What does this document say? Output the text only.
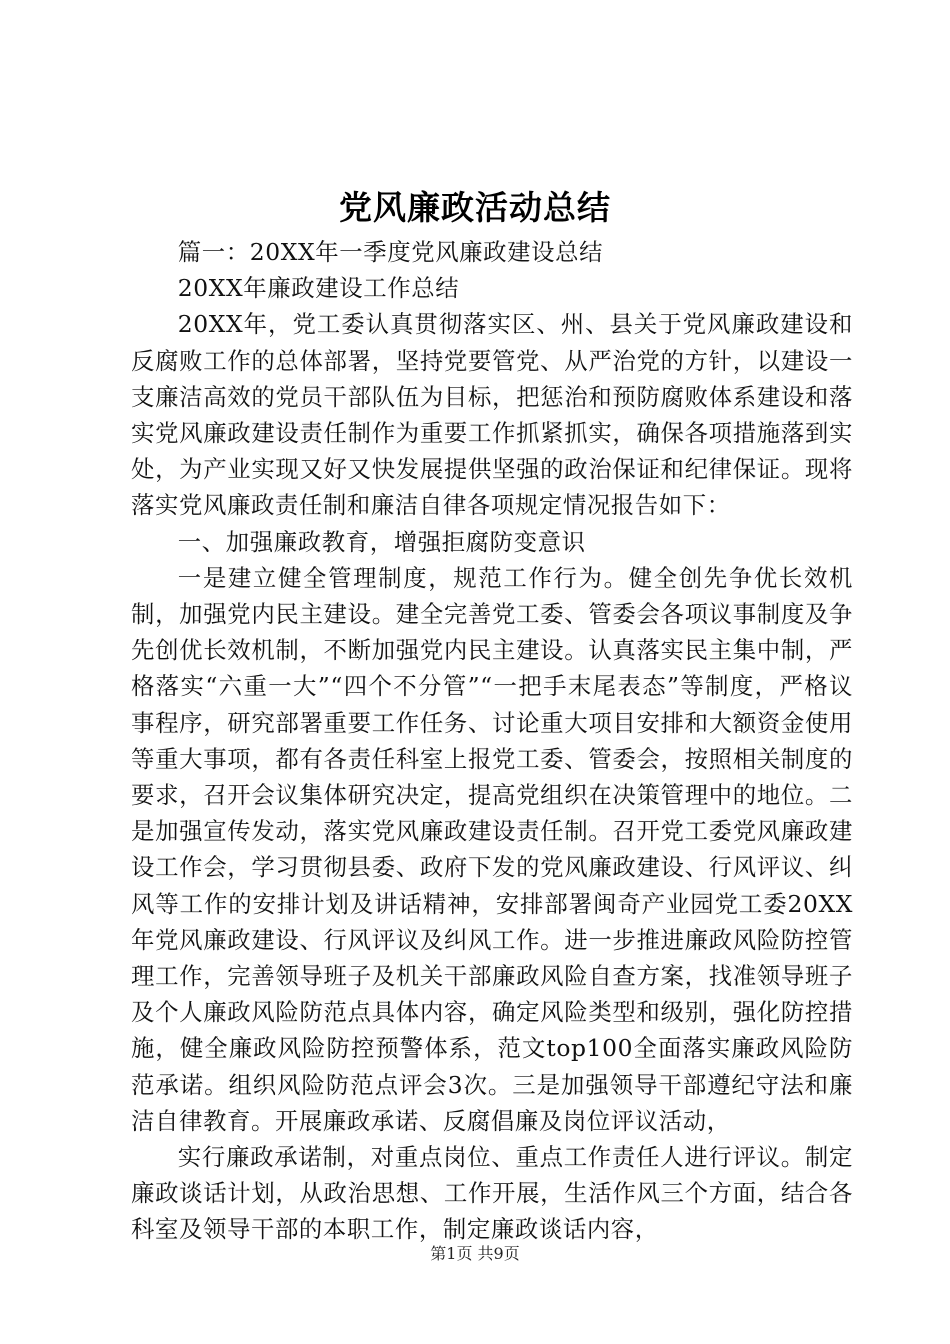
党风廉政活动总结

篇一：20XX年一季度党风廉政建设总结

20XX年廉政建设工作总结

20XX年，党工委认真贯彻落实区、州、县关于党风廉政建设和反腐败工作的总体部署，坚持党要管党、从严治党的方针，以建设一支廉洁高效的党员干部队伍为目标，把惩治和预防腐败体系建设和落实党风廉政建设责任制作为重要工作抓紧抓实，确保各项措施落到实处，为产业实现又好又快发展提供坚强的政治保证和纪律保证。现将落实党风廉政责任制和廉洁自律各项规定情况报告如下：

一、加强廉政教育，增强拒腐防变意识

一是建立健全管理制度，规范工作行为。健全创先争优长效机制，加强党内民主建设。建全完善党工委、管委会各项议事制度及争先创优长效机制，不断加强党内民主建设。认真落实民主集中制，严格落实“六重一大”“四个不分管”“一把手末尾表态”等制度，严格议事程序，研究部署重要工作任务、讨论重大项目安排和大额资金使用等重大事项，都有各责任科室上报党工委、管委会，按照相关制度的要求，召开会议集体研究决定，提高党组织在决策管理中的地位。二是加强宣传发动，落实党风廉政建设责任制。召开党工委党风廉政建设工作会，学习贯彻县委、政府下发的党风廉政建设、行风评议、纠风等工作的安排计划及讲话精神，安排部署闽奇产业园党工委20XX年党风廉政建设、行风评议及纠风工作。进一步推进廉政风险防控管理工作，完善领导班子及机关干部廉政风险自查方案，找准领导班子及个人廉政风险防范点具体内容，确定风险类型和级别，强化防控措施，健全廉政风险防控预警体系，范文top100全面落实廉政风险防范承诺。组织风险防范点评会3次。三是加强领导干部遵纪守法和廉洁自律教育。开展廉政承诺、反腐倡廉及岗位评议活动，

实行廉政承诺制，对重点岗位、重点工作责任人进行评议。制定廉政谈话计划，从政治思想、工作开展，生活作风三个方面，结合各科室及领导干部的本职工作，制定廉政谈话内容，

第1页 共9页
